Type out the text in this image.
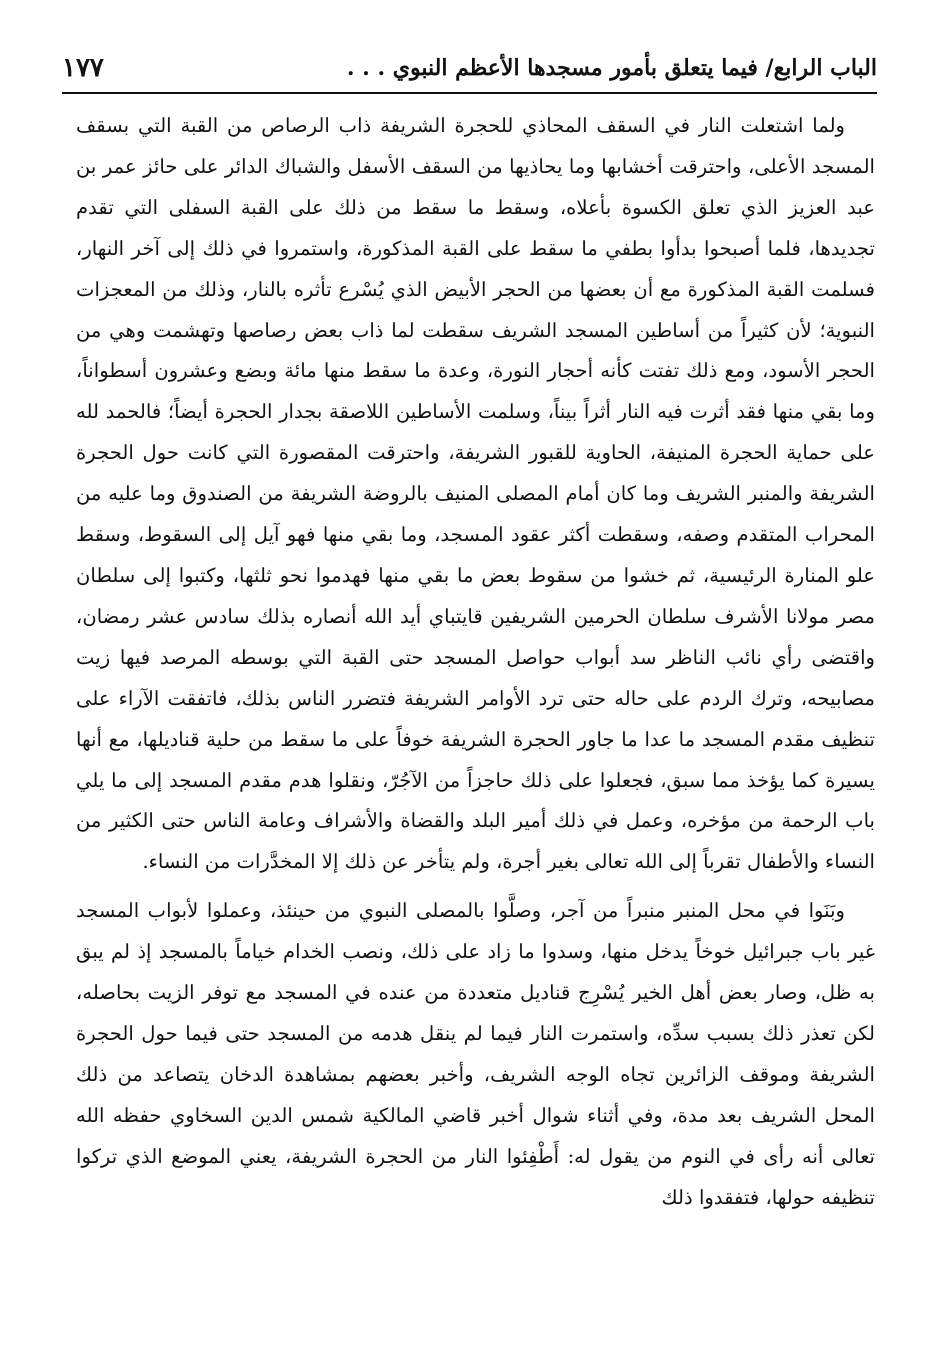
الباب الرابع/ فيما يتعلق بأمور مسجدها الأعظم النبوي . . .
١٧٧

ولما اشتعلت النار في السقف المحاذي للحجرة الشريفة ذاب الرصاص من القبة التي بسقف المسجد الأعلى، واحترقت أخشابها وما يحاذيها من السقف الأسفل والشباك الدائر على حائز عمر بن عبد العزيز الذي تعلق الكسوة بأعلاه، وسقط ما سقط من ذلك على القبة السفلى التي تقدم تجديدها، فلما أصبحوا بدأوا بطفي ما سقط على القبة المذكورة، واستمروا في ذلك إلى آخر النهار، فسلمت القبة المذكورة مع أن بعضها من الحجر الأبيض الذي يُسْرع تأثره بالنار، وذلك من المعجزات النبوية؛ لأن كثيراً من أساطين المسجد الشريف سقطت لما ذاب بعض رصاصها وتهشمت وهي من الحجر الأسود، ومع ذلك تفتت كأنه أحجار النورة، وعدة ما سقط منها مائة وبضع وعشرون أسطواناً، وما بقي منها فقد أثرت فيه النار أثراً بيناً، وسلمت الأساطين اللاصقة بجدار الحجرة أيضاً؛ فالحمد لله على حماية الحجرة المنيفة، الحاوية للقبور الشريفة، واحترقت المقصورة التي كانت حول الحجرة الشريفة والمنبر الشريف وما كان أمام المصلى المنيف بالروضة الشريفة من الصندوق وما عليه من المحراب المتقدم وصفه، وسقطت أكثر عقود المسجد، وما بقي منها فهو آيل إلى السقوط، وسقط علو المنارة الرئيسية، ثم خشوا من سقوط بعض ما بقي منها فهدموا نحو ثلثها، وكتبوا إلى سلطان مصر مولانا الأشرف سلطان الحرمين الشريفين قايتباي أيد الله أنصاره بذلك سادس عشر رمضان، واقتضى رأي نائب الناظر سد أبواب حواصل المسجد حتى القبة التي بوسطه المرصد فيها زيت مصابيحه، وترك الردم على حاله حتى ترد الأوامر الشريفة فتضرر الناس بذلك، فاتفقت الآراء على تنظيف مقدم المسجد ما عدا ما جاور الحجرة الشريفة خوفاً على ما سقط من حلية قناديلها، مع أنها يسيرة كما يؤخذ مما سبق، فجعلوا على ذلك حاجزاً من الآجُرّ، ونقلوا هدم مقدم المسجد إلى ما يلي باب الرحمة من مؤخره، وعمل في ذلك أمير البلد والقضاة والأشراف وعامة الناس حتى الكثير من النساء والأطفال تقرباً إلى الله تعالى بغير أجرة، ولم يتأخر عن ذلك إلا المخدَّرات من النساء.

وبَنَوا في محل المنبر منبراً من آجر، وصلَّوا بالمصلى النبوي من حينئذ، وعملوا لأبواب المسجد غير باب جبرائيل خوخاً يدخل منها، وسدوا ما زاد على ذلك، ونصب الخدام خياماً بالمسجد إذ لم يبق به ظل، وصار بعض أهل الخير يُسْرِج قناديل متعددة من عنده في المسجد مع توفر الزيت بحاصله، لكن تعذر ذلك بسبب سدِّه، واستمرت النار فيما لم ينقل هدمه من المسجد حتى فيما حول الحجرة الشريفة وموقف الزائرين تجاه الوجه الشريف، وأخبر بعضهم بمشاهدة الدخان يتصاعد من ذلك المحل الشريف بعد مدة، وفي أثناء شوال أخبر قاضي المالكية شمس الدين السخاوي حفظه الله تعالى أنه رأى في النوم من يقول له: أَطْفِئوا النار من الحجرة الشريفة، يعني الموضع الذي تركوا تنظيفه حولها، فتفقدوا ذلك
